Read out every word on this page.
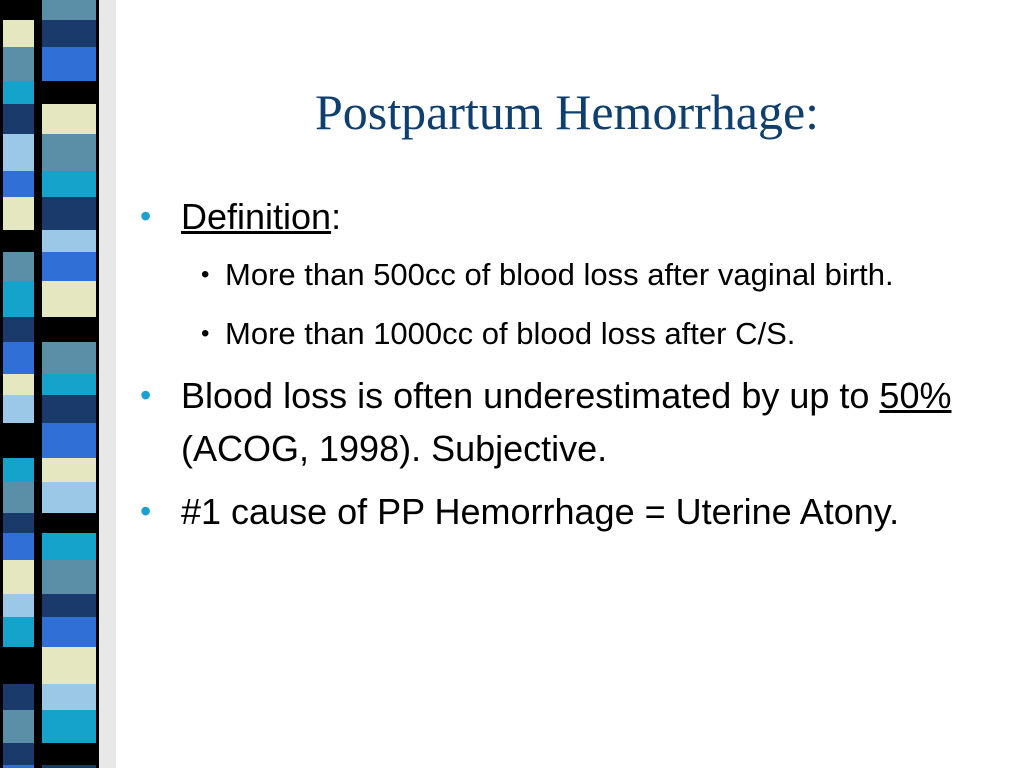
Postpartum Hemorrhage:
• Definition:
• More than 500cc of blood loss after vaginal birth.
• More than 1000cc of blood loss after C/S.
• Blood loss is often underestimated by up to 50% (ACOG, 1998). Subjective.
• #1 cause of PP Hemorrhage = Uterine Atony.
